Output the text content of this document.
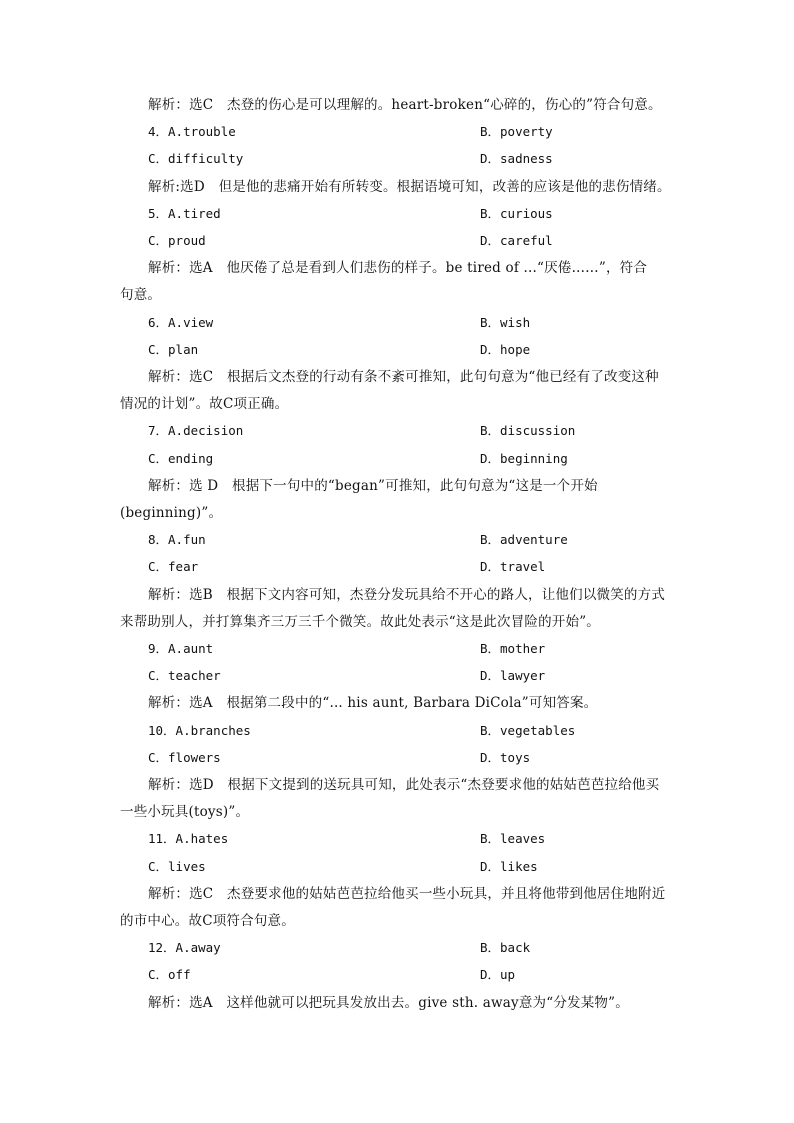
解析：选C　杰登的伤心是可以理解的。heart-broken“心碎的，伤心的”符合句意。
4．A.trouble	B．poverty
C．difficulty	D．sadness
解析:选D　但是他的悲痛开始有所转变。根据语境可知，改善的应该是他的悲伤情绪。
5．A.tired	B．curious
C．proud	D．careful
解析：选A　他厌倦了总是看到人们悲伤的样子。be tired of ...“厌倦……”，符合
句意。
6．A.view	B．wish
C．plan	D．hope
解析：选C　根据后文杰登的行动有条不紊可推知，此句句意为“他已经有了改变这种
情况的计划”。故C项正确。
7．A.decision	B．discussion
C．ending	D．beginning
解析：选 D　根据下一句中的“began”可推知，此句句意为“这是一个开始
(beginning)”。
8．A.fun	B．adventure
C．fear	D．travel
解析：选B　根据下文内容可知，杰登分发玩具给不开心的路人，让他们以微笑的方式
来帮助别人，并打算集齐三万三千个微笑。故此处表示“这是此次冒险的开始”。
9．A.aunt	B．mother
C．teacher	D．lawyer
解析：选A　根据第二段中的“... his aunt, Barbara DiCola”可知答案。
10．A.branches	B．vegetables
C．flowers	D．toys
解析：选D　根据下文提到的送玩具可知，此处表示“杰登要求他的姑姑芭芭拉给他买
一些小玩具(toys)”。
11．A.hates	B．leaves
C．lives	D．likes
解析：选C　杰登要求他的姑姑芭芭拉给他买一些小玩具，并且将他带到他居住地附近
的市中心。故C项符合句意。
12．A.away	B．back
C．off	D．up
解析：选A　这样他就可以把玩具发放出去。give sth. away意为“分发某物”。
